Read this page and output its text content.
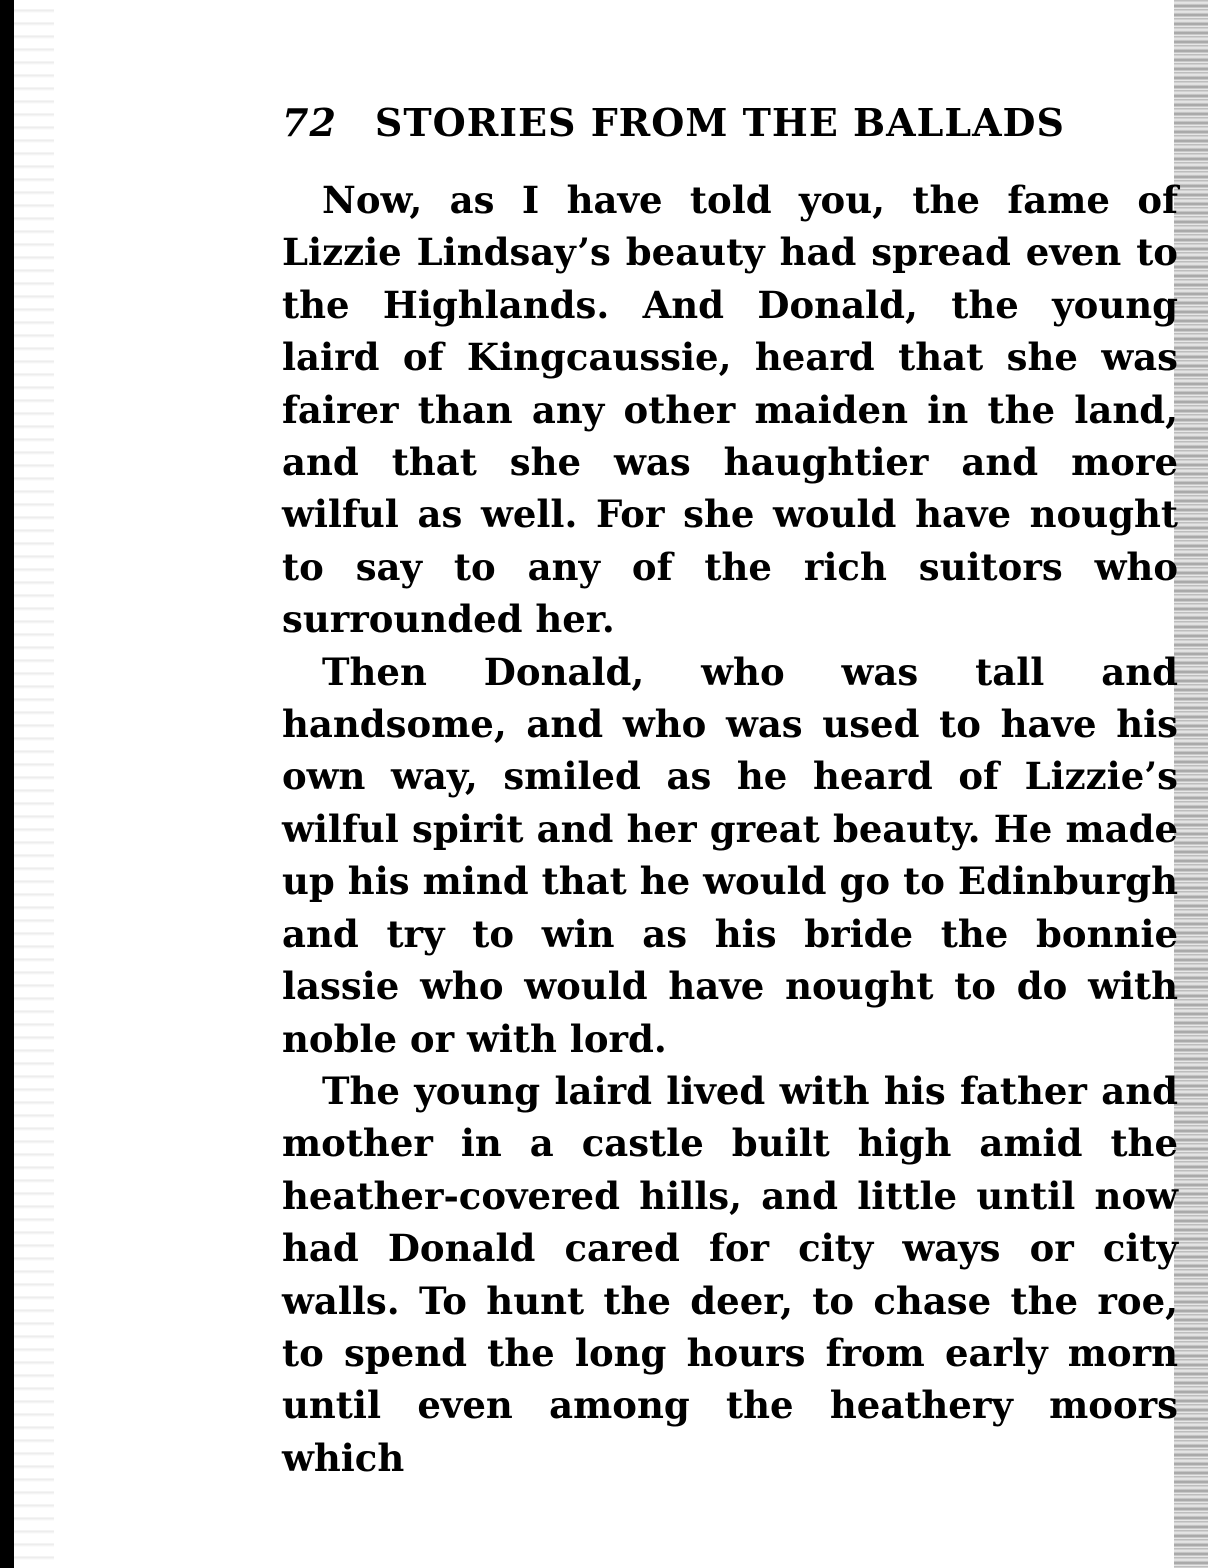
72 STORIES FROM THE BALLADS

Now, as I have told you, the fame of Lizzie Lindsay’s beauty had spread even to the Highlands. And Donald, the young laird of Kingcaussie, heard that she was fairer than any other maiden in the land, and that she was haughtier and more wilful as well. For she would have nought to say to any of the rich suitors who surrounded her.

Then Donald, who was tall and handsome, and who was used to have his own way, smiled as he heard of Lizzie’s wilful spirit and her great beauty. He made up his mind that he would go to Edinburgh and try to win as his bride the bonnie lassie who would have nought to do with noble or with lord.

The young laird lived with his father and mother in a castle built high amid the heather-covered hills, and little until now had Donald cared for city ways or city walls. To hunt the deer, to chase the roe, to spend the long hours from early morn until even among the heathery moors which
